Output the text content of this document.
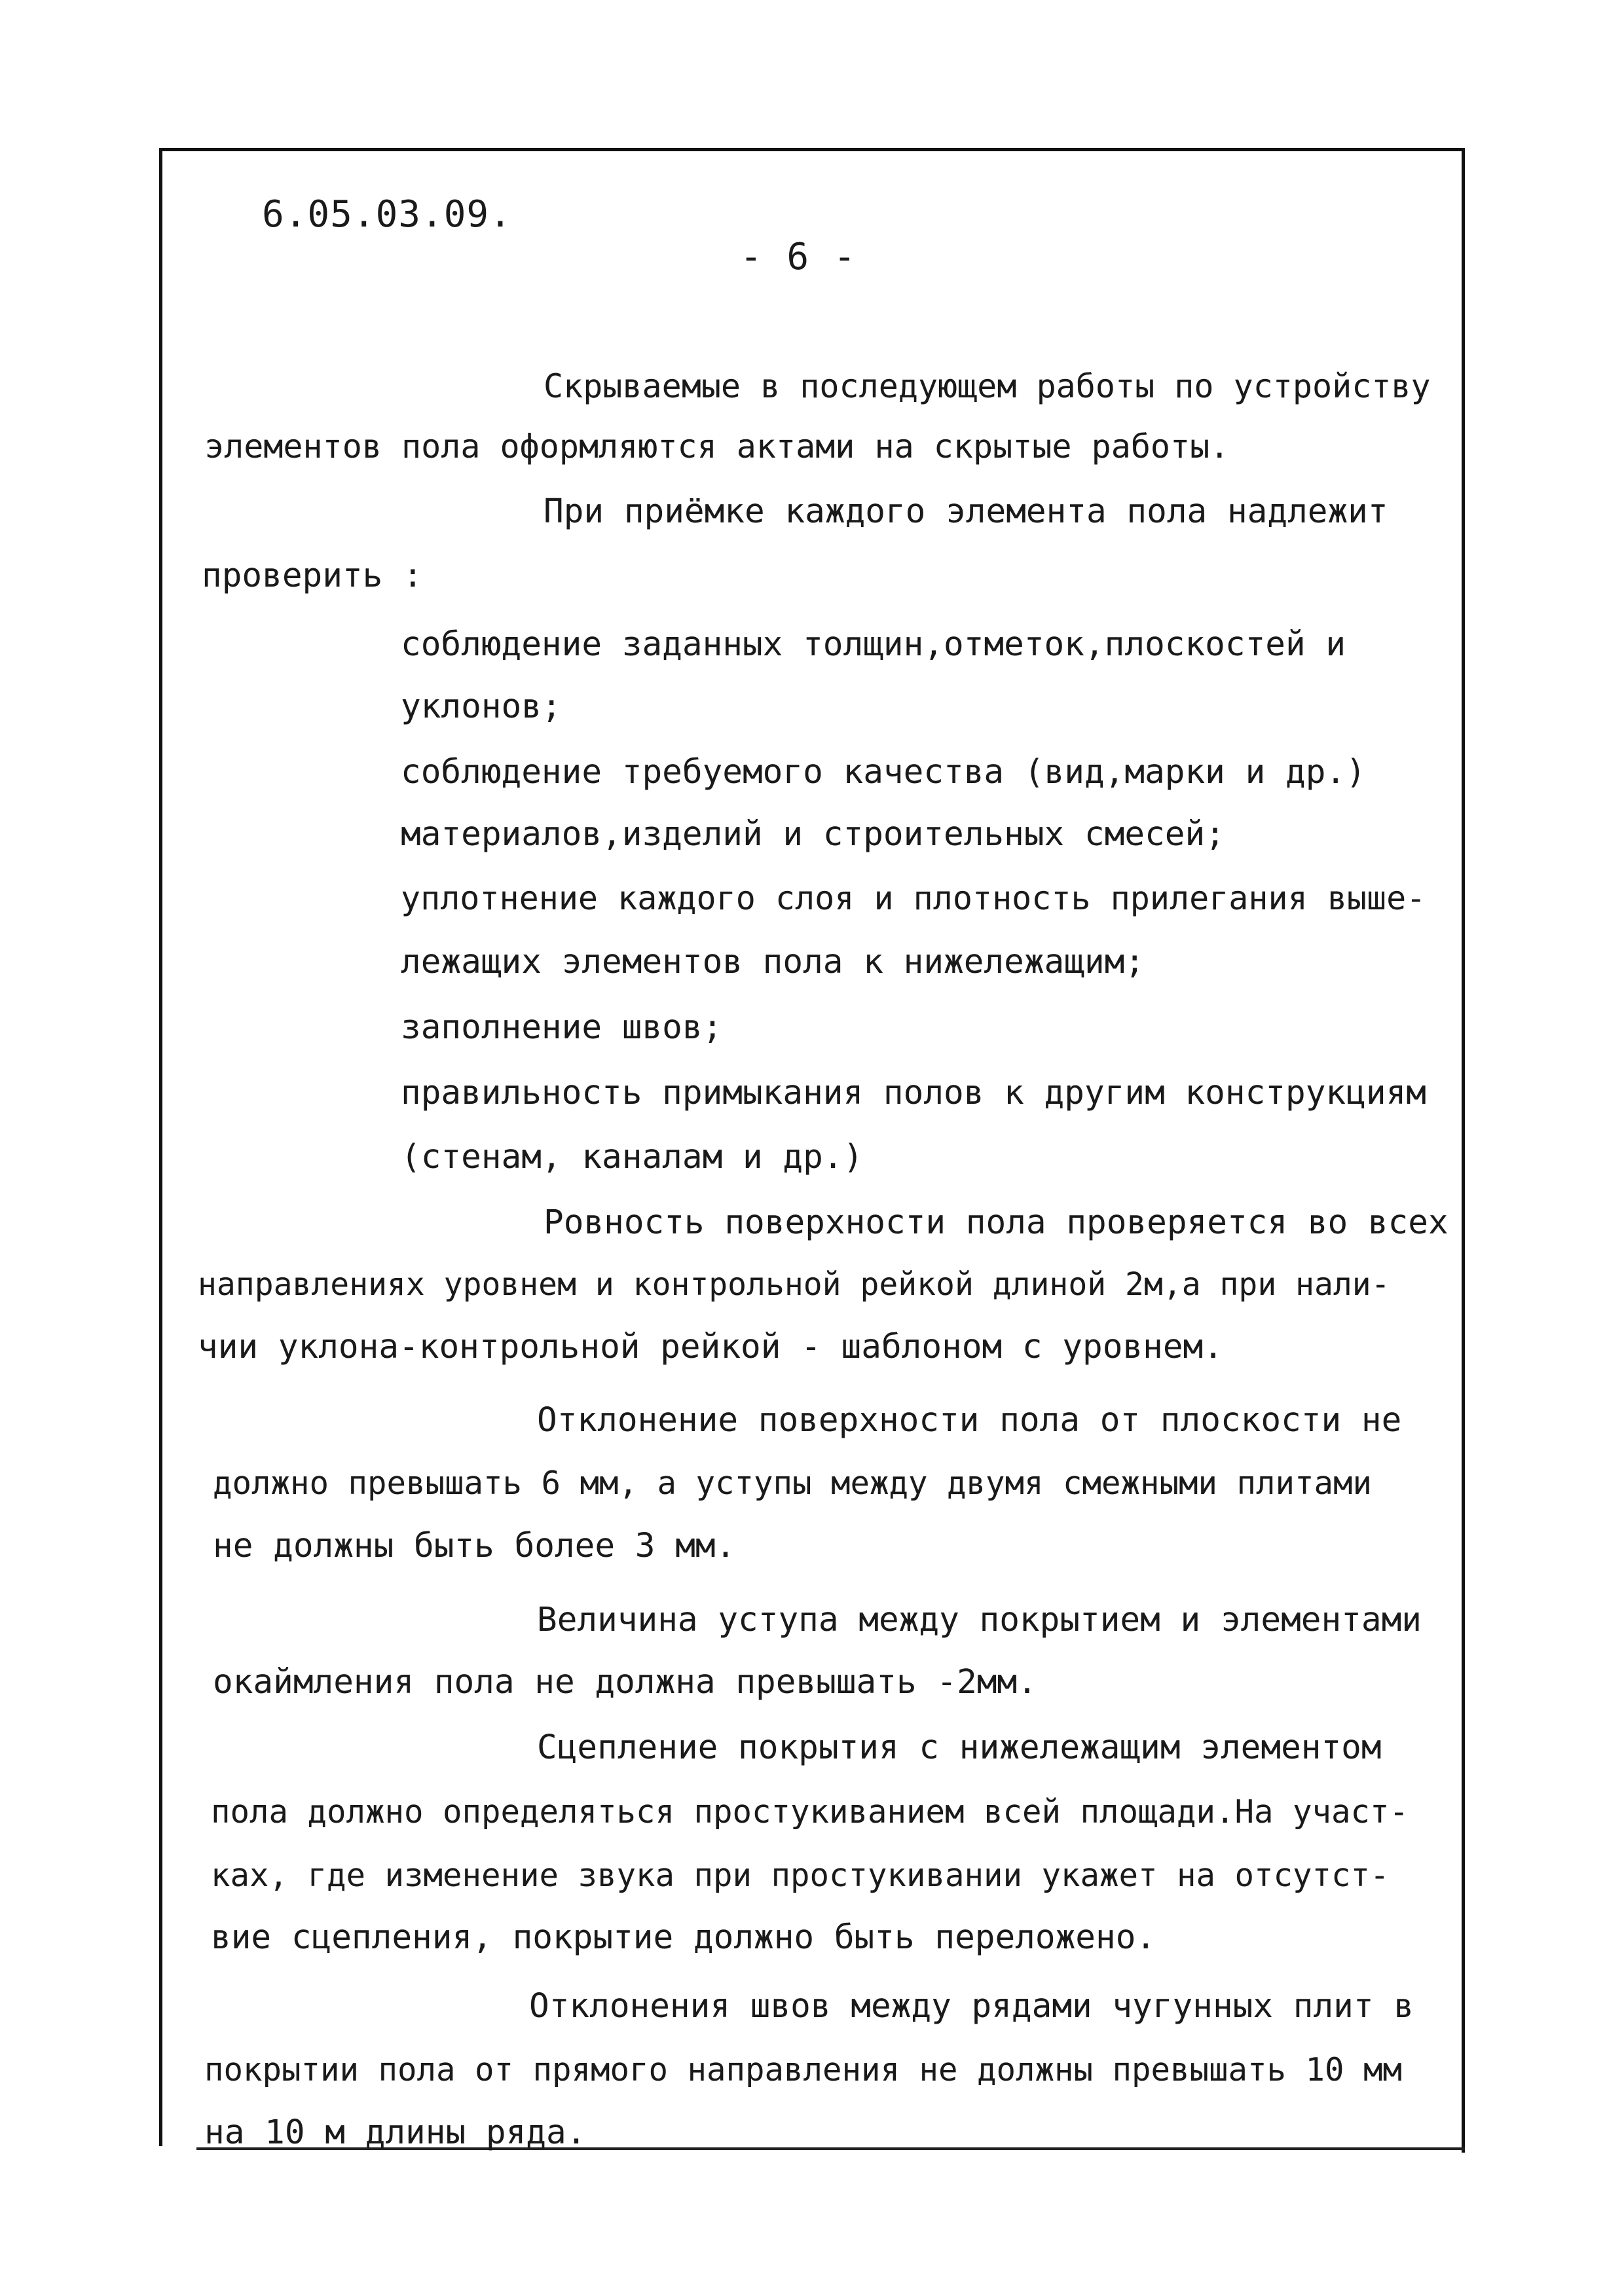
6.05.03.09.
- 6 -
Скрываемые в последующем работы по устройству
элементов пола оформляются актами на скрытые работы.
При приёмке каждого элемента пола надлежит
проверить :
соблюдение заданных толщин,отметок,плоскостей и
уклонов;
соблюдение требуемого качества (вид,марки и др.)
материалов,изделий и строительных смесей;
уплотнение каждого слоя и плотность прилегания выше-
лежащих элементов пола к нижележащим;
заполнение швов;
правильность примыкания полов к другим конструкциям
(стенам, каналам и др.)
Ровность поверхности пола проверяется во всех
направлениях уровнем и контрольной рейкой длиной 2м,а при нали-
чии уклона-контрольной рейкой - шаблоном с уровнем.
Отклонение поверхности пола от плоскости не
должно превышать 6 мм, а уступы между двумя смежными плитами
не должны быть более 3 мм.
Величина уступа между покрытием и элементами
окаймления пола не должна превышать -2мм.
Сцепление покрытия с нижележащим элементом
пола должно определяться простукиванием всей площади.На участ-
ках, где изменение звука при простукивании укажет на отсутст-
вие сцепления, покрытие должно быть переложено.
Отклонения швов между рядами чугунных плит в
покрытии пола от прямого направления не должны превышать 10 мм
на 10 м длины ряда.
